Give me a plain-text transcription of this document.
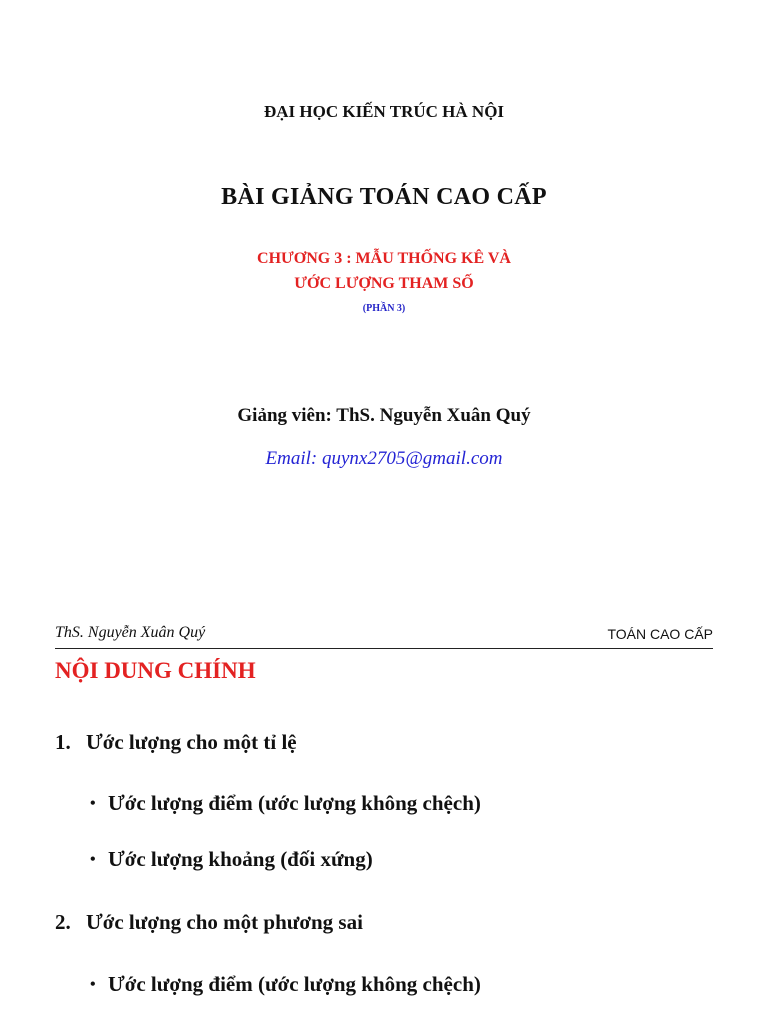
ĐẠI HỌC KIẾN TRÚC HÀ NỘI
BÀI GIẢNG TOÁN CAO CẤP
CHƯƠNG 3 : MẪU THỐNG KÊ VÀ
ƯỚC LƯỢNG THAM SỐ
(PHẦN 3)
Giảng viên: ThS. Nguyễn Xuân Quý
Email: quynx2705@gmail.com
ThS. Nguyễn Xuân Quý	TOÁN CAO CẤP
NỘI DUNG CHÍNH
1. Ước lượng cho một tỉ lệ
• Ước lượng điểm (ước lượng không chệch)
• Ước lượng khoảng (đối xứng)
2. Ước lượng cho một phương sai
• Ước lượng điểm (ước lượng không chệch)
